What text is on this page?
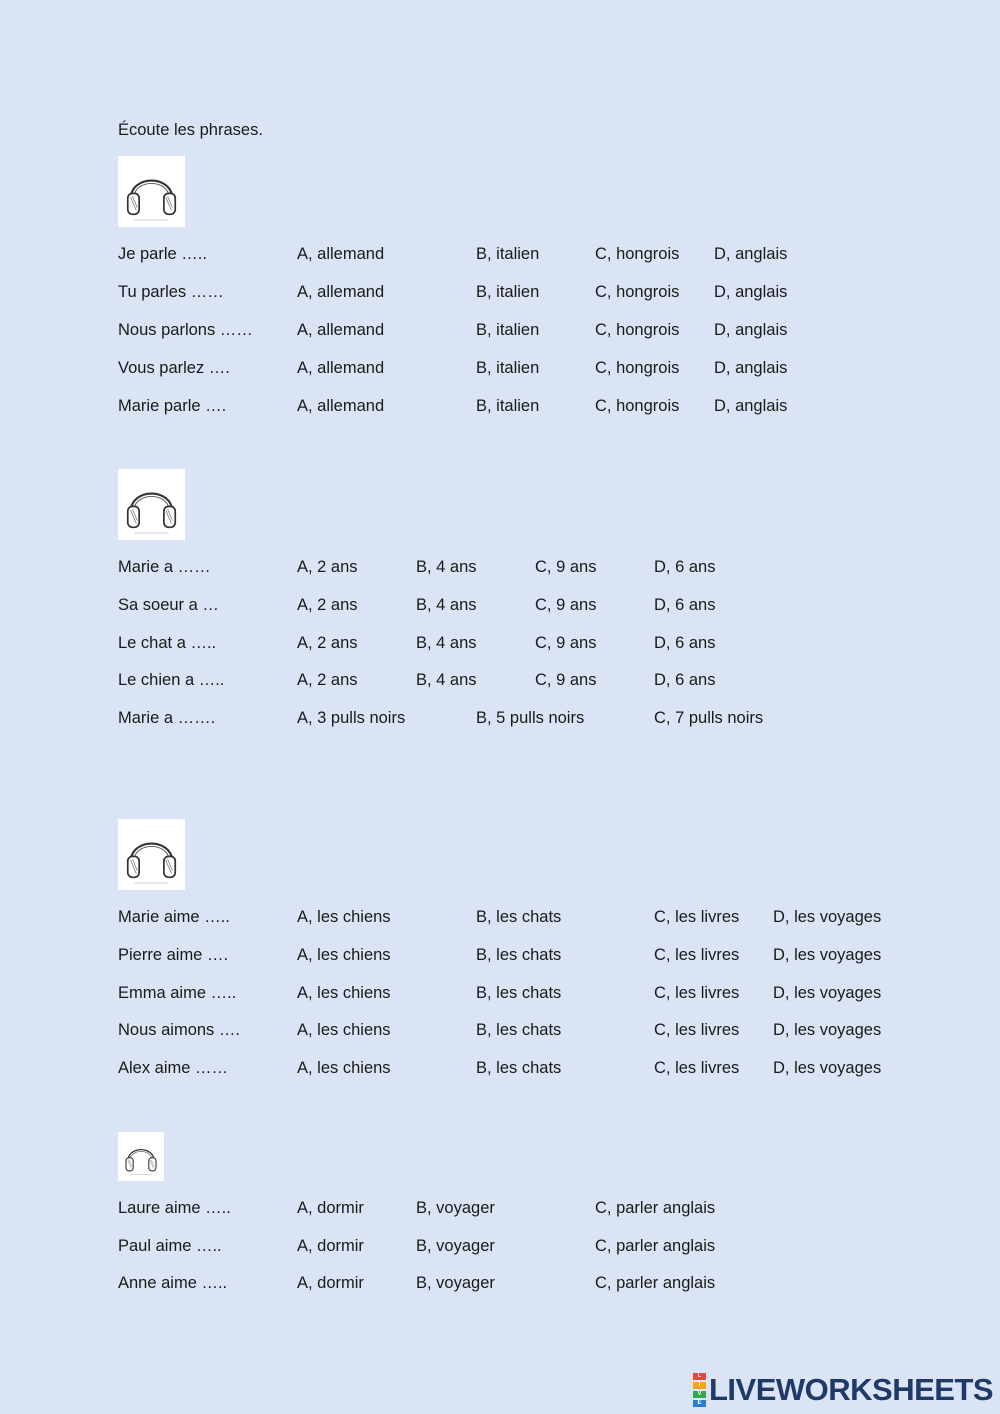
Écoute les phrases.
Je parle …..	A, allemand	B, italien	C, hongrois D, anglais
Tu parles ……	A, allemand	B, italien	C, hongrois D, anglais
Nous parlons ……	A, allemand	B, italien	C, hongrois D, anglais
Vous parlez ….	A, allemand	B, italien	C, hongrois D, anglais
Marie parle ….	A, allemand	B, italien	C, hongrois D, anglais
Marie a ……	A, 2 ans	B, 4 ans	C, 9 ans	D, 6 ans
Sa soeur a …	A, 2 ans	B, 4 ans	C, 9 ans	D, 6 ans
Le chat a …..	A, 2 ans	B, 4 ans	C, 9 ans	D, 6 ans
Le chien a …..	A, 2 ans	B, 4 ans	C, 9 ans	D, 6 ans
Marie a …….	A, 3 pulls noirs	B, 5 pulls noirs	C, 7 pulls noirs
Marie aime …..	A, les chiens	B, les chats	C, les livres D, les voyages
Pierre aime ….	A, les chiens	B, les chats	C, les livres D, les voyages
Emma aime …..	A, les chiens	B, les chats	C, les livres D, les voyages
Nous aimons ….	A, les chiens	B, les chats	C, les livres D, les voyages
Alex aime ……	A, les chiens	B, les chats	C, les livres D, les voyages
Laure aime …..	A, dormir	B, voyager	C, parler anglais
Paul aime …..	A, dormir	B, voyager	C, parler anglais
Anne aime …..	A, dormir	B, voyager	C, parler anglais
L
I
V
E LIVEWORKSHEETS
